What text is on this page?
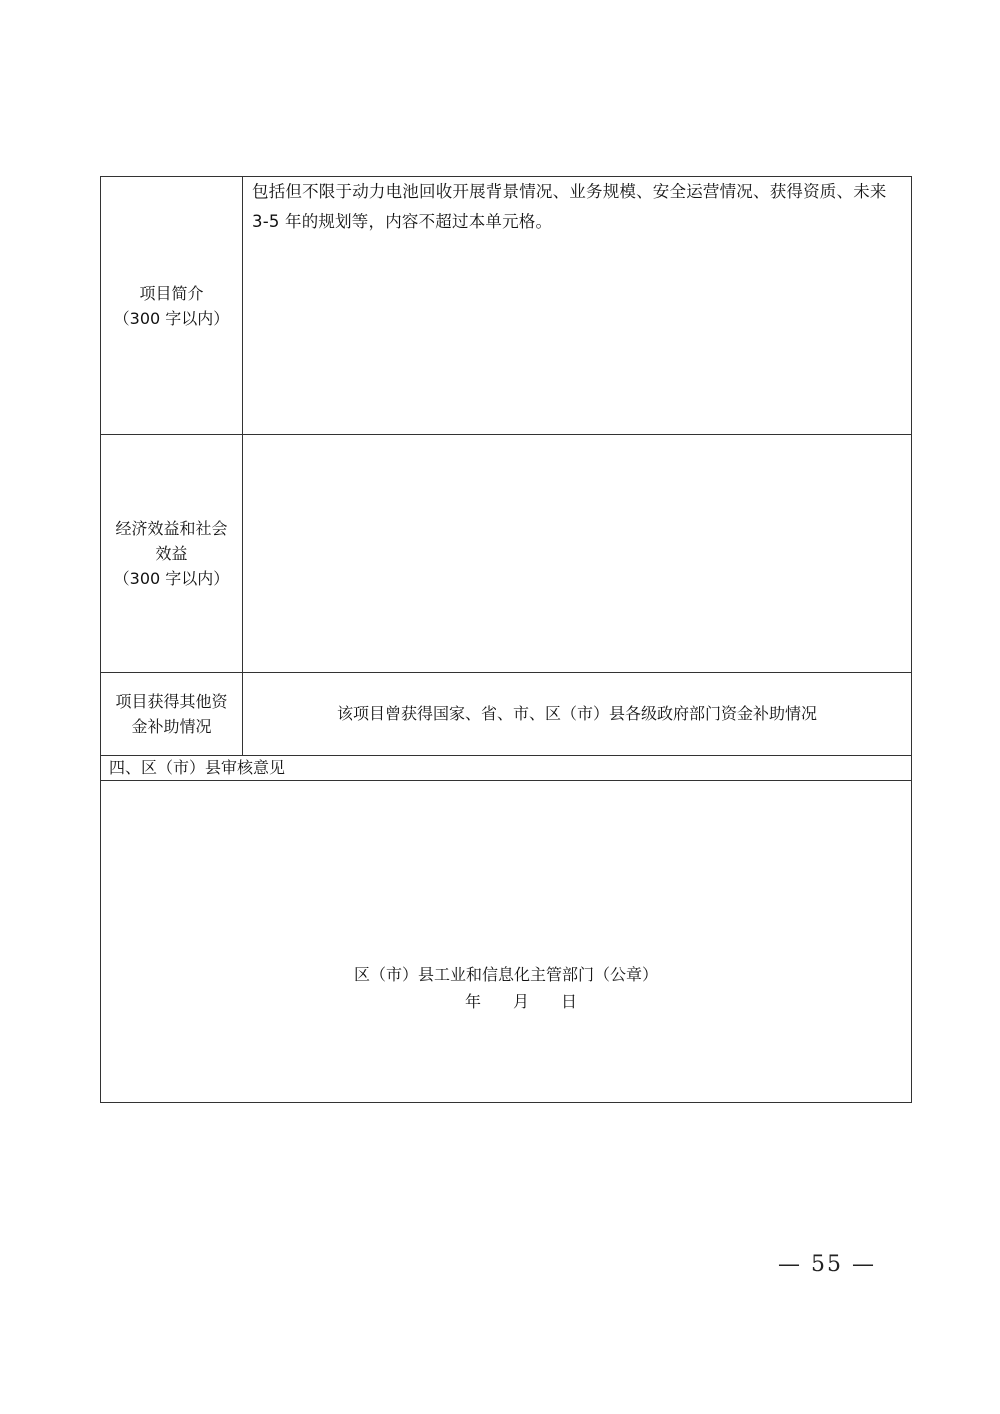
项目简介
（300 字以内）	包括但不限于动力电池回收开展背景情况、业务规模、安全运营情况、获得资质、未来 3-5 年的规划等，内容不超过本单元格。

经济效益和社会
效益
（300 字以内）	

项目获得其他资
金补助情况	该项目曾获得国家、省、市、区（市）县各级政府部门资金补助情况
四、区（市）县审核意见	

区（市）县工业和信息化主管部门（公章）
年 月 日	
— 55 —
